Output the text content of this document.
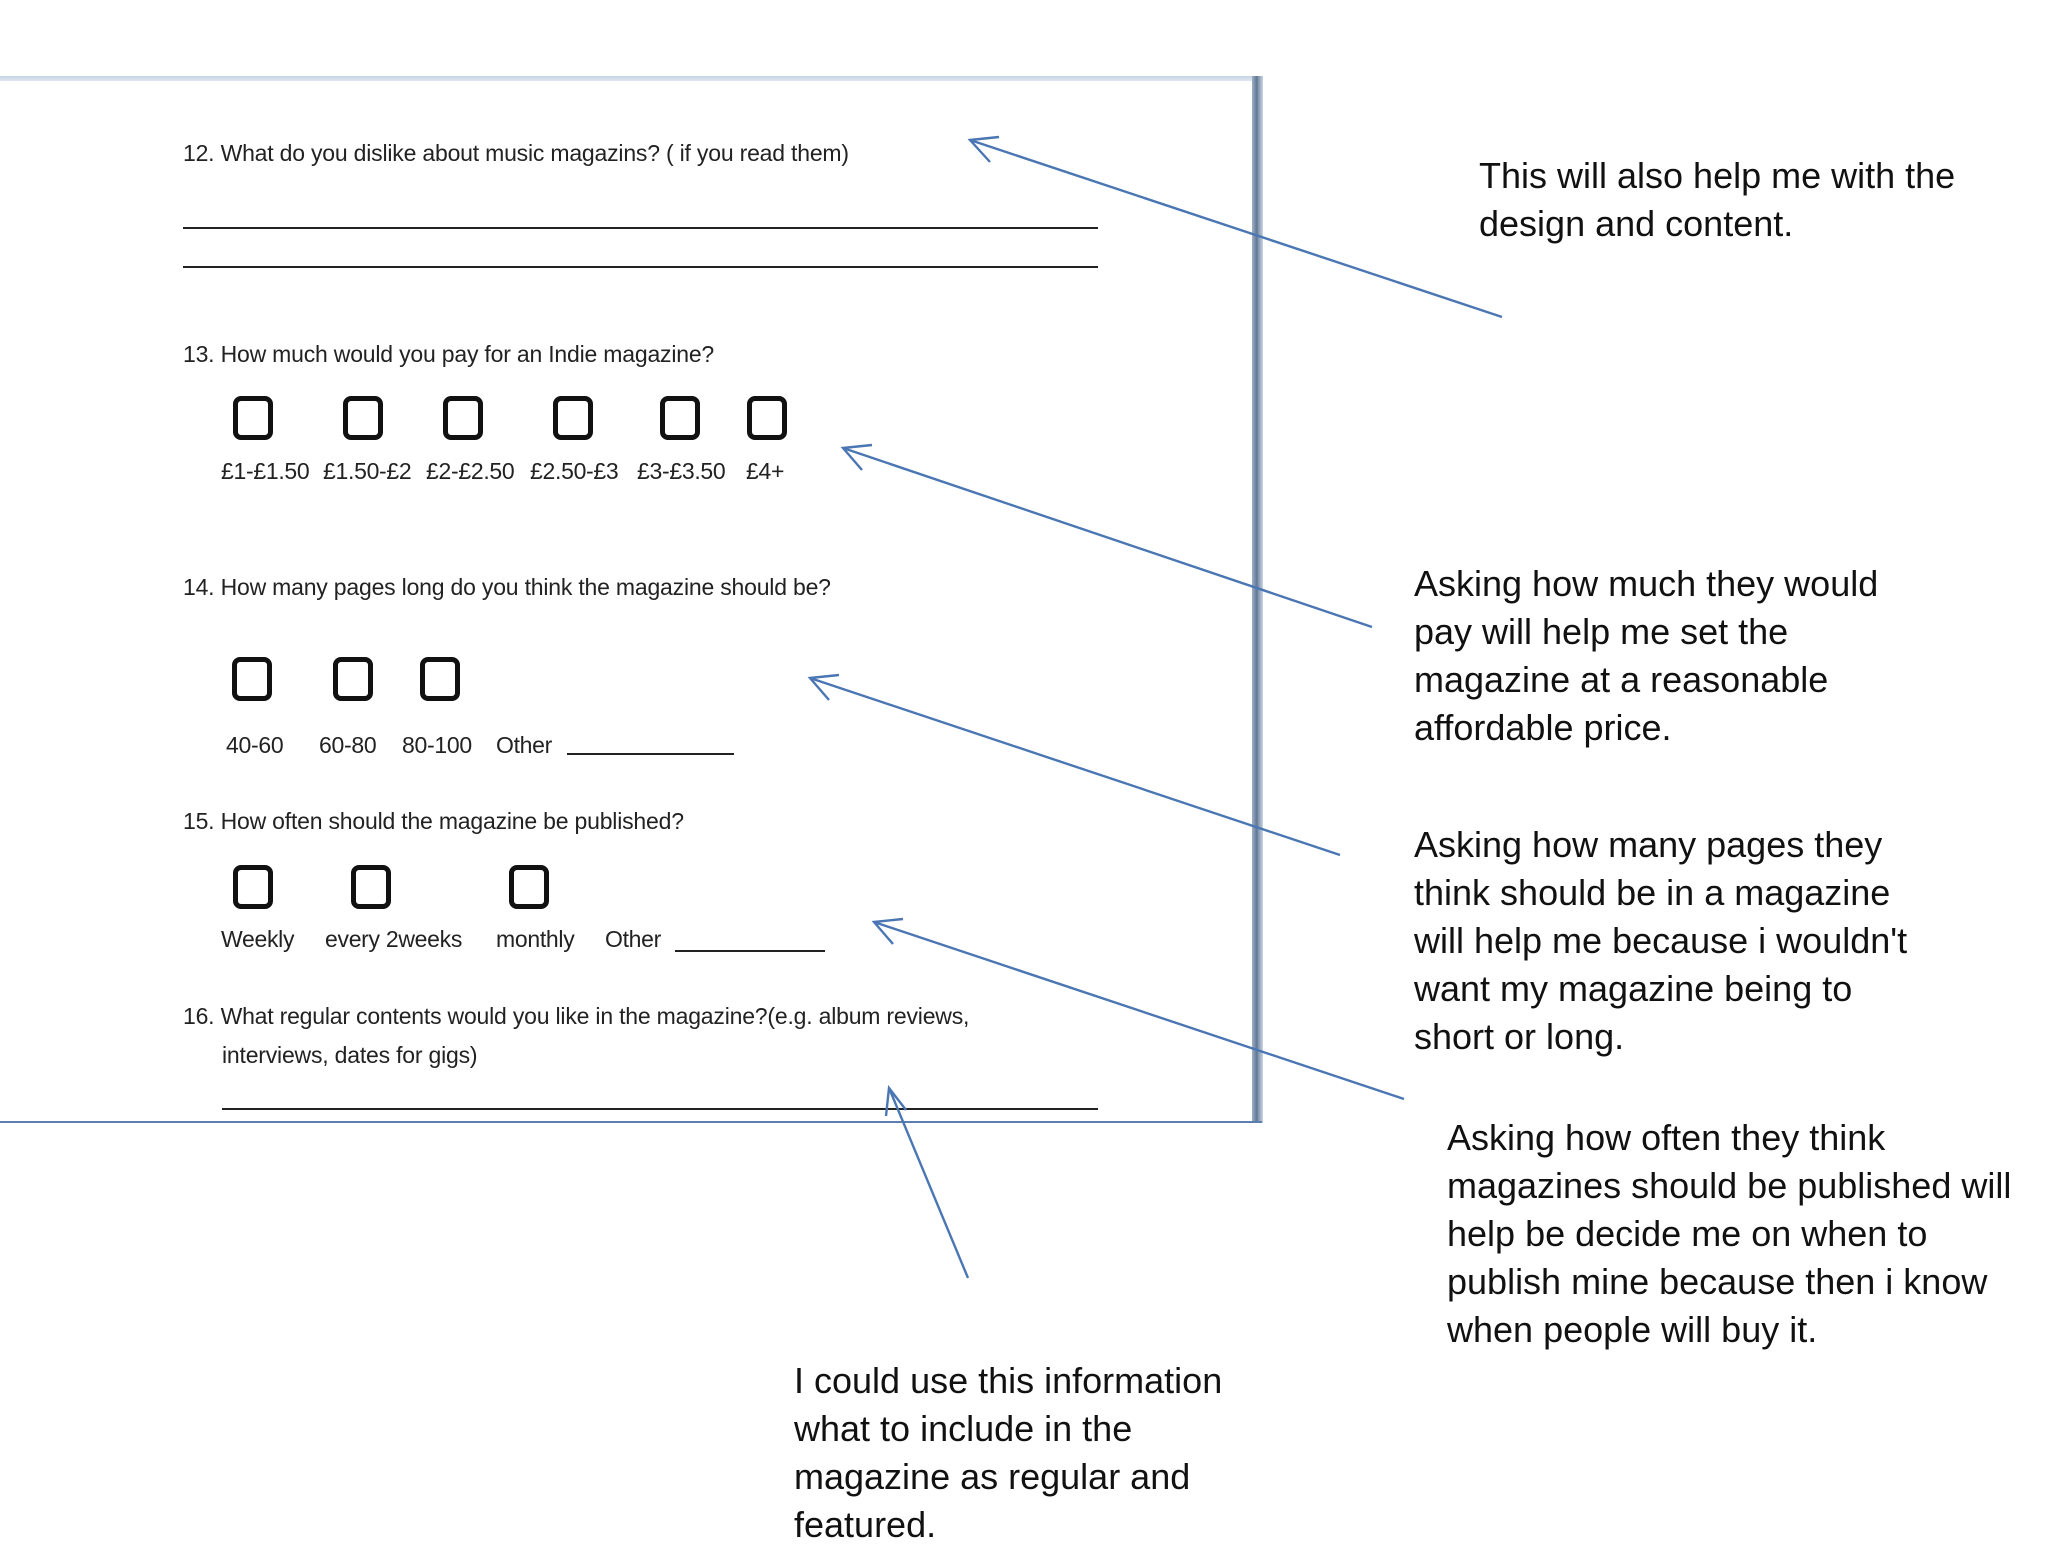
12. What do you dislike about music magazins? ( if you read them)
13. How much would you pay for an Indie magazine?
£1-£1.50 £1.50-£2 £2-£2.50 £2.50-£3 £3-£3.50 £4+
14. How many pages long do you think the magazine should be?
40-60 60-80 80-100 Other
15. How often should the magazine be published?
Weekly every 2weeks monthly Other
16. What regular contents would you like in the magazine?(e.g. album reviews,
interviews, dates for gigs)
This will also help me with the
design and content.
Asking how much they would
pay will help me set the
magazine at a reasonable
affordable price.
Asking how many pages they
think should be in a magazine
will help me because i wouldn't
want my magazine being to
short or long.
Asking how often they think
magazines should be published will
help be decide me on when to
publish mine because then i know
when people will buy it.
I could use this information
what to include in the
magazine as regular and
featured.
